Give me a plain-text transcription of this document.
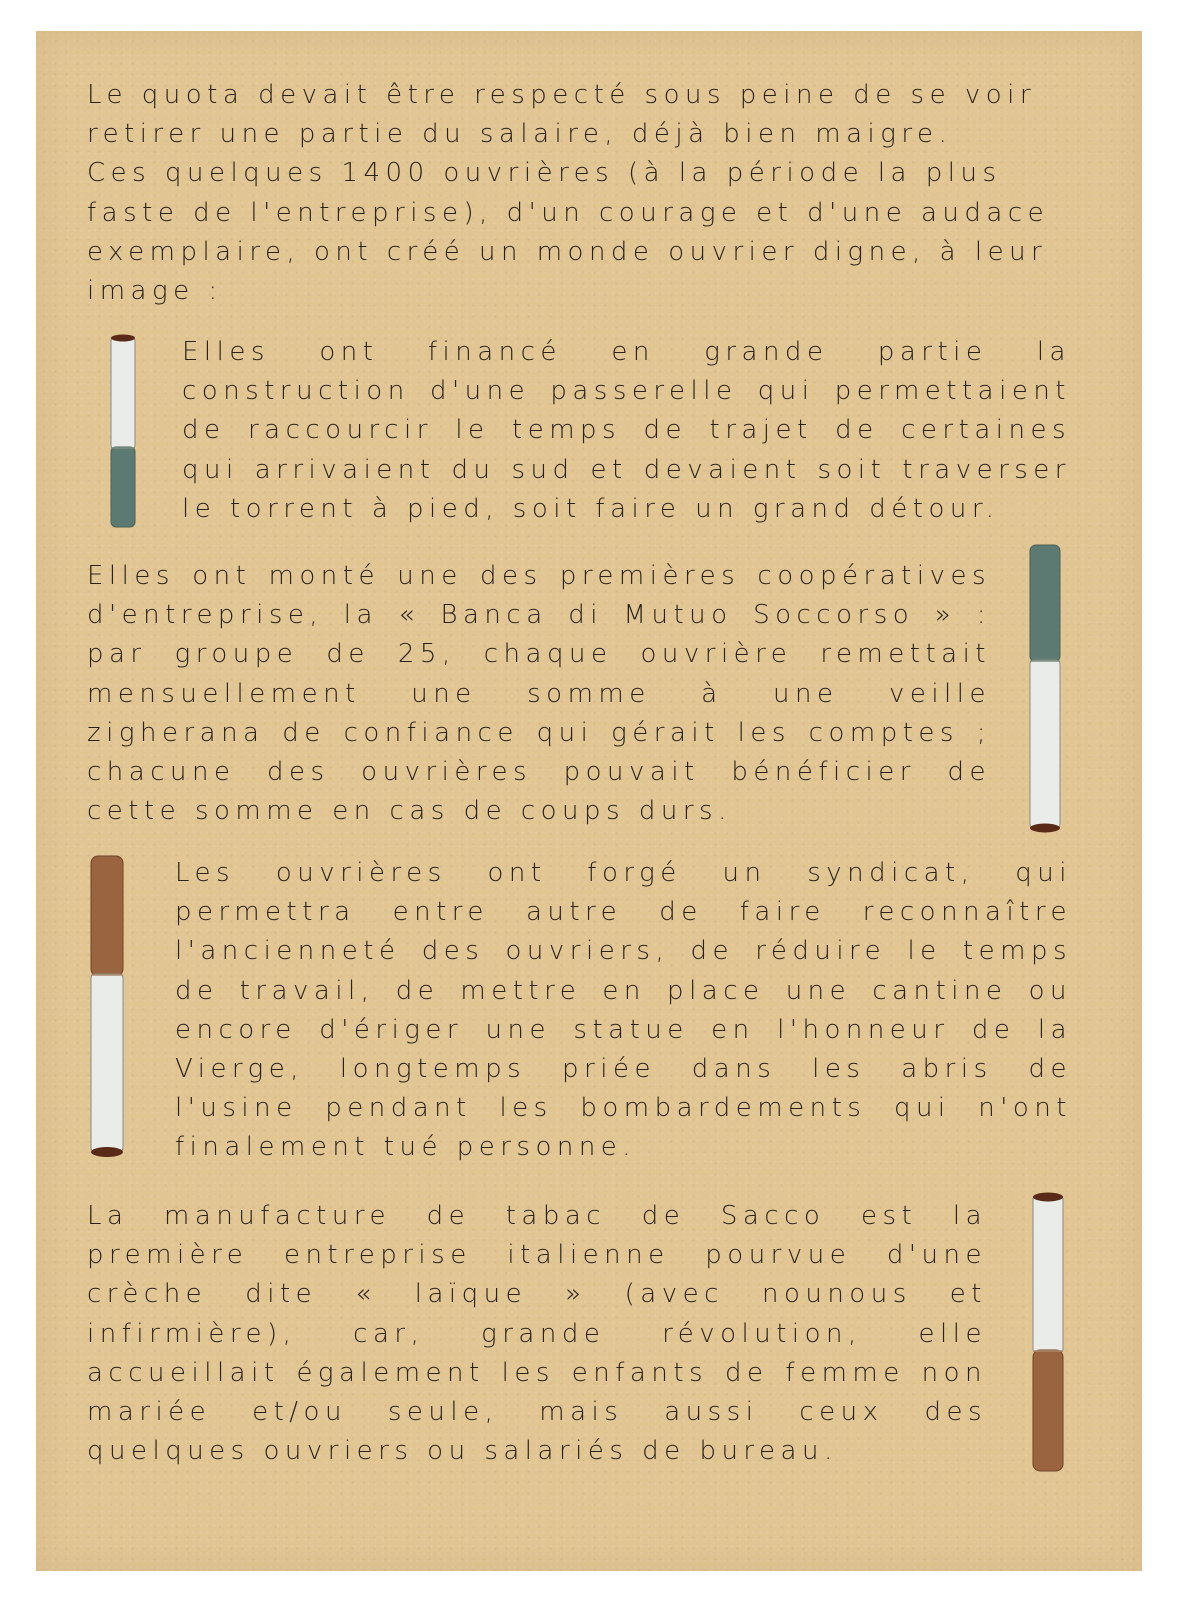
Le quota devait être respecté sous peine de se voir
retirer une partie du salaire, déjà bien maigre.
Ces quelques 1400 ouvrières (à la période la plus
faste de l'entreprise), d'un courage et d'une audace
exemplaire, ont créé un monde ouvrier digne, à leur
image :
Elles ont financé en grande partie la construction d'une passerelle qui permettaient de raccourcir le temps de trajet de certaines qui arrivaient du sud et devaient soit traverser le torrent à pied, soit faire un grand détour.
Elles ont monté une des premières coopératives d'entreprise, la « Banca di Mutuo Soccorso » : par groupe de 25, chaque ouvrière remettait mensuellement une somme à une veille zigherana de confiance qui gérait les comptes ; chacune des ouvrières pouvait bénéficier de cette somme en cas de coups durs.
Les ouvrières ont forgé un syndicat, qui permettra entre autre de faire reconnaître l'ancienneté des ouvriers, de réduire le temps de travail, de mettre en place une cantine ou encore d'ériger une statue en l'honneur de la Vierge, longtemps priée dans les abris de l'usine pendant les bombardements qui n'ont finalement tué personne.
La manufacture de tabac de Sacco est la première entreprise italienne pourvue d'une crèche dite « laïque » (avec nounous et infirmière), car, grande révolution, elle accueillait également les enfants de femme non mariée et/ou seule, mais aussi ceux des quelques ouvriers ou salariés de bureau.
